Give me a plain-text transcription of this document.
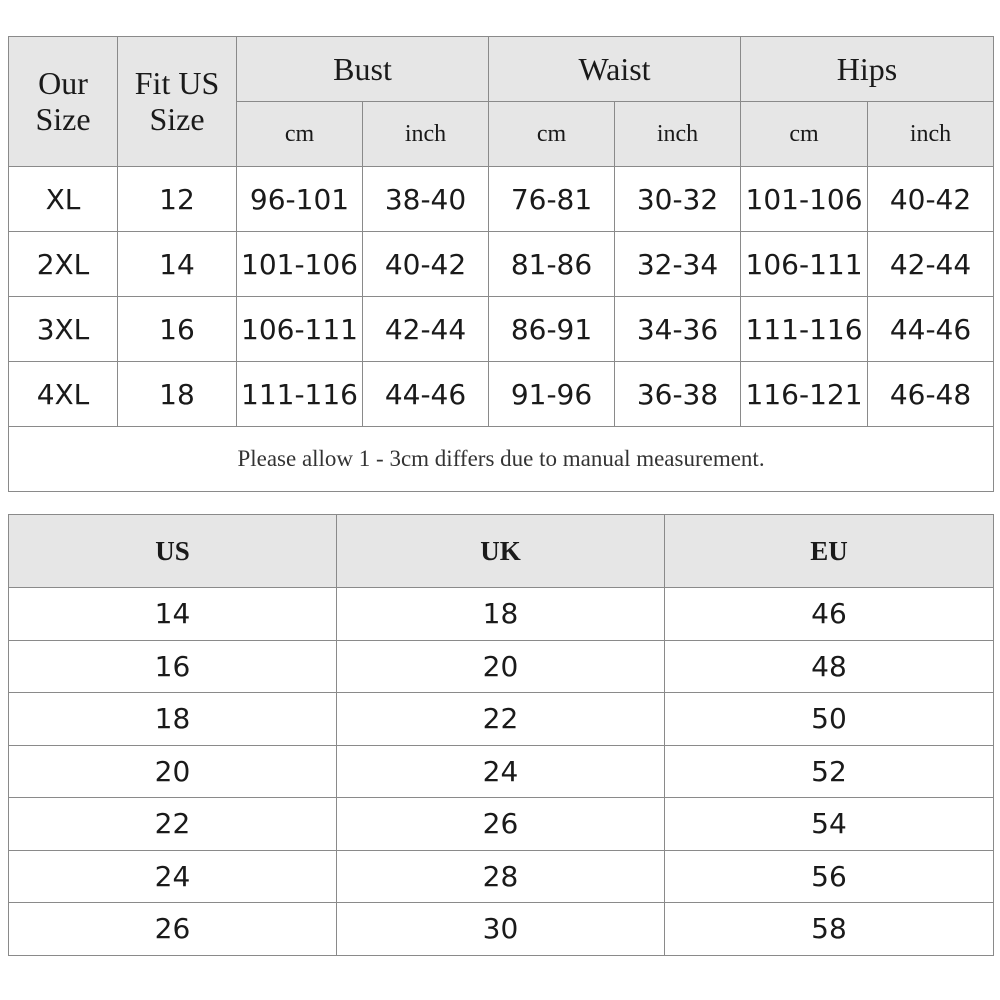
Our Size	Fit US Size	Bust		Waist		Hips	
		cm	inch	cm	inch	cm	inch
XL	12	96-101	38-40	76-81	30-32	101-106	40-42
2XL	14	101-106	40-42	81-86	32-34	106-111	42-44
3XL	16	106-111	42-44	86-91	34-36	111-116	44-46
4XL	18	111-116	44-46	91-96	36-38	116-121	46-48
Please allow 1 - 3cm differs due to manual measurement.							
US	UK	EU
14	18	46
16	20	48
18	22	50
20	24	52
22	26	54
24	28	56
26	30	58
